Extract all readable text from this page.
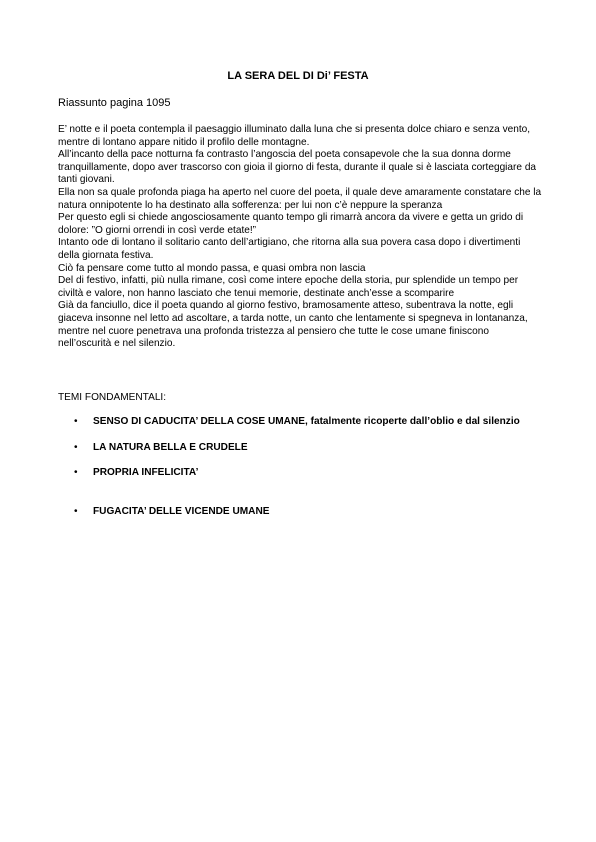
LA SERA DEL DI Di’ FESTA

Riassunto pagina 1095

E’ notte e il poeta contempla il paesaggio illuminato dalla luna che si presenta dolce chiaro e senza vento, mentre di lontano appare nitido il profilo delle montagne.

All’incanto della pace notturna fa contrasto l’angoscia del poeta consapevole che la sua donna dorme tranquillamente, dopo aver trascorso con gioia il giorno di festa, durante il quale si è lasciata corteggiare da tanti giovani.

Ella non sa quale profonda piaga ha aperto nel cuore del poeta, il quale deve amaramente constatare che la natura onnipotente lo ha destinato alla sofferenza: per lui non c’è neppure la speranza

Per questo egli si chiede angosciosamente quanto tempo gli rimarrà ancora da vivere e getta un grido di dolore: ”O giorni orrendi in così verde etate!”

Intanto ode di lontano il solitario canto dell’artigiano, che ritorna alla sua povera casa dopo i divertimenti della giornata festiva.

Ciò fa pensare come tutto al mondo passa, e quasi ombra non lascia

Del di festivo, infatti, più nulla rimane, così come intere epoche della storia, pur splendide un tempo per civiltà e valore, non hanno lasciato che tenui memorie, destinate anch’esse a scomparire

Già da fanciullo, dice il poeta quando al giorno festivo, bramosamente atteso, subentrava la notte, egli giaceva insonne nel letto ad ascoltare, a tarda notte, un canto che lentamente si spegneva in lontananza, mentre nel cuore penetrava una profonda tristezza al pensiero che tutte le cose umane finiscono nell’oscurità e nel silenzio.

TEMI FONDAMENTALI:

• SENSO DI CADUCITA’ DELLA COSE UMANE, fatalmente ricoperte dall’oblio e dal silenzio
• LA NATURA BELLA E CRUDELE
• PROPRIA INFELICITA’
• FUGACITA’ DELLE VICENDE UMANE
